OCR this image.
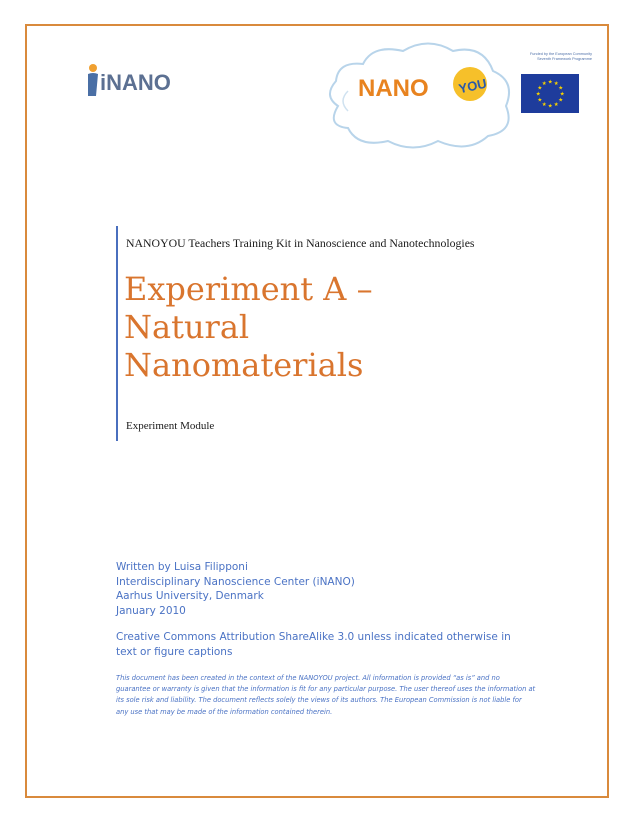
iNANO	NANO YOU
Funded by the European Community
Seventh Framework Programme
★ ★
★
★
★
★
★
★
★
★
★
★
NANOYOU Teachers Training Kit in Nanoscience and Nanotechnologies
Experiment A –
Natural
Nanomaterials
Experiment Module
Written by Luisa Filipponi
Interdisciplinary Nanoscience Center (iNANO)
Aarhus University, Denmark
January 2010
Creative Commons Attribution ShareAlike 3.0 unless indicated otherwise in text or figure captions
This document has been created in the context of the NANOYOU project. All information is provided “as is” and no guarantee or warranty is given that the information is fit for any particular purpose. The user thereof uses the information at its sole risk and liability. The document reflects solely the views of its authors. The European Commission is not liable for any use that may be made of the information contained therein.
